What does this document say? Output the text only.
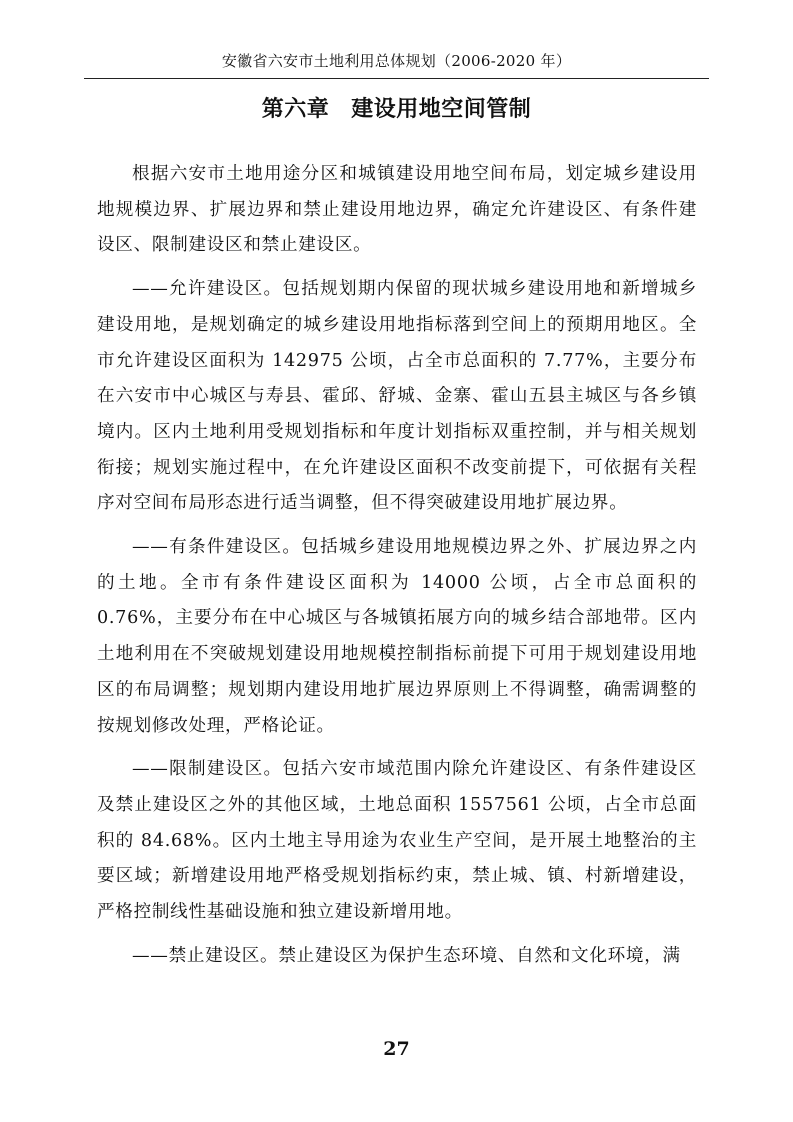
安徽省六安市土地利用总体规划（2006-2020 年）
第六章 建设用地空间管制

根据六安市土地用途分区和城镇建设用地空间布局，划定城乡建设用地规模边界、扩展边界和禁止建设用地边界，确定允许建设区、有条件建设区、限制建设区和禁止建设区。

——允许建设区。包括规划期内保留的现状城乡建设用地和新增城乡建设用地，是规划确定的城乡建设用地指标落到空间上的预期用地区。全市允许建设区面积为 142975 公顷，占全市总面积的 7.77%，主要分布在六安市中心城区与寿县、霍邱、舒城、金寨、霍山五县主城区与各乡镇境内。区内土地利用受规划指标和年度计划指标双重控制，并与相关规划衔接；规划实施过程中，在允许建设区面积不改变前提下，可依据有关程序对空间布局形态进行适当调整，但不得突破建设用地扩展边界。

——有条件建设区。包括城乡建设用地规模边界之外、扩展边界之内的土地。全市有条件建设区面积为 14000 公顷，占全市总面积的 0.76%，主要分布在中心城区与各城镇拓展方向的城乡结合部地带。区内土地利用在不突破规划建设用地规模控制指标前提下可用于规划建设用地区的布局调整；规划期内建设用地扩展边界原则上不得调整，确需调整的按规划修改处理，严格论证。

——限制建设区。包括六安市域范围内除允许建设区、有条件建设区及禁止建设区之外的其他区域，土地总面积 1557561 公顷，占全市总面积的 84.68%。区内土地主导用途为农业生产空间，是开展土地整治的主要区域；新增建设用地严格受规划指标约束，禁止城、镇、村新增建设，严格控制线性基础设施和独立建设新增用地。

——禁止建设区。禁止建设区为保护生态环境、自然和文化环境，满

27
